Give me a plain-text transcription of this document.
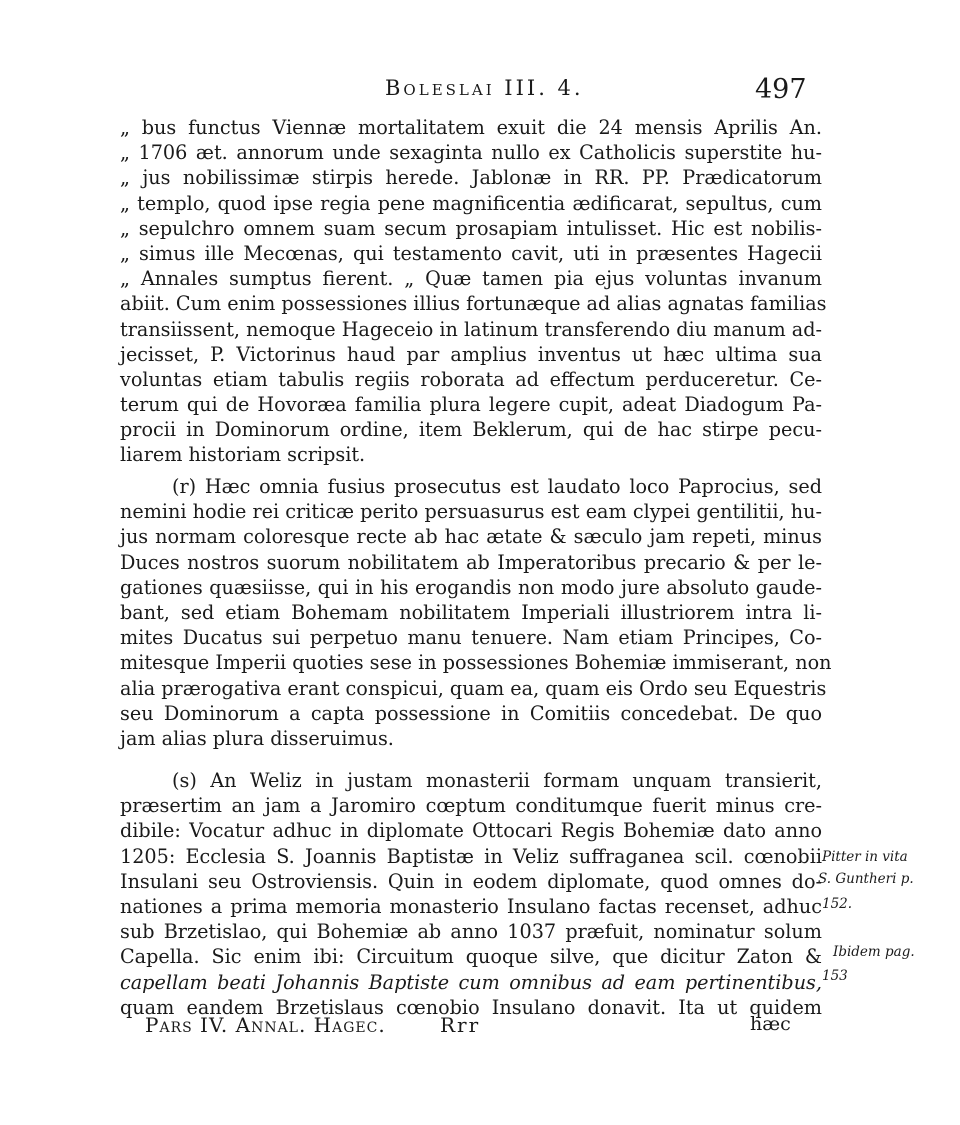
Boleslai III. 4.	497
„ bus functus Viennæ mortalitatem exuit die 24 mensis Aprilis An.
„ 1706 æt. annorum unde sexaginta nullo ex Catholicis superstite hu-
„ jus nobilissimæ stirpis herede. Jablonæ in RR. PP. Prædicatorum
„ templo, quod ipse regia pene magnificentia ædificarat, sepultus, cum
„ sepulchro omnem suam secum prosapiam intulisset. Hic est nobilis-
„ simus ille Mecœnas, qui testamento cavit, uti in præsentes Hagecii
„ Annales sumptus fierent. „ Quæ tamen pia ejus voluntas invanum
abiit. Cum enim possessiones illius fortunæque ad alias agnatas familias
transiissent, nemoque Hageceio in latinum transferendo diu manum ad-
jecisset, P. Victorinus haud par amplius inventus ut hæc ultima sua
voluntas etiam tabulis regiis roborata ad effectum perduceretur. Ce-
terum qui de Hovoræa familia plura legere cupit, adeat Diadogum Pa-
procii in Dominorum ordine, item Beklerum, qui de hac stirpe pecu-
liarem historiam scripsit.
(r) Hæc omnia fusius prosecutus est laudato loco Paprocius, sed
nemini hodie rei criticæ perito persuasurus est eam clypei gentilitii, hu-
jus normam coloresque recte ab hac ætate & sæculo jam repeti, minus
Duces nostros suorum nobilitatem ab Imperatoribus precario & per le-
gationes quæsiisse, qui in his erogandis non modo jure absoluto gaude-
bant, sed etiam Bohemam nobilitatem Imperiali illustriorem intra li-
mites Ducatus sui perpetuo manu tenuere. Nam etiam Principes, Co-
mitesque Imperii quoties sese in possessiones Bohemiæ immiserant, non
alia prærogativa erant conspicui, quam ea, quam eis Ordo seu Equestris
seu Dominorum a capta possessione in Comitiis concedebat. De quo
jam alias plura disseruimus.
(s) An Weliz in justam monasterii formam unquam transierit,
præsertim an jam a Jaromiro cœptum conditumque fuerit minus cre-
dibile: Vocatur adhuc in diplomate Ottocari Regis Bohemiæ dato anno
1205: Ecclesia S. Joannis Baptistæ in Veliz suffraganea scil. cœnobii
Insulani seu Ostroviensis. Quin in eodem diplomate, quod omnes do-
nationes a prima memoria monasterio Insulano factas recenset, adhuc
sub Brzetislao, qui Bohemiæ ab anno 1037 præfuit, nominatur solum
Capella. Sic enim ibi: Circuitum quoque silve, que dicitur Zaton &
capellam beati Johannis Baptiste cum omnibus ad eam pertinentibus,
quam eandem Brzetislaus cœnobio Insulano donavit. Ita ut quidem
Pitter in vita
S. Guntheri p.
152.
Ibidem pag.
153
Pars IV. Annal. Hagec.	Rrr	hæc
